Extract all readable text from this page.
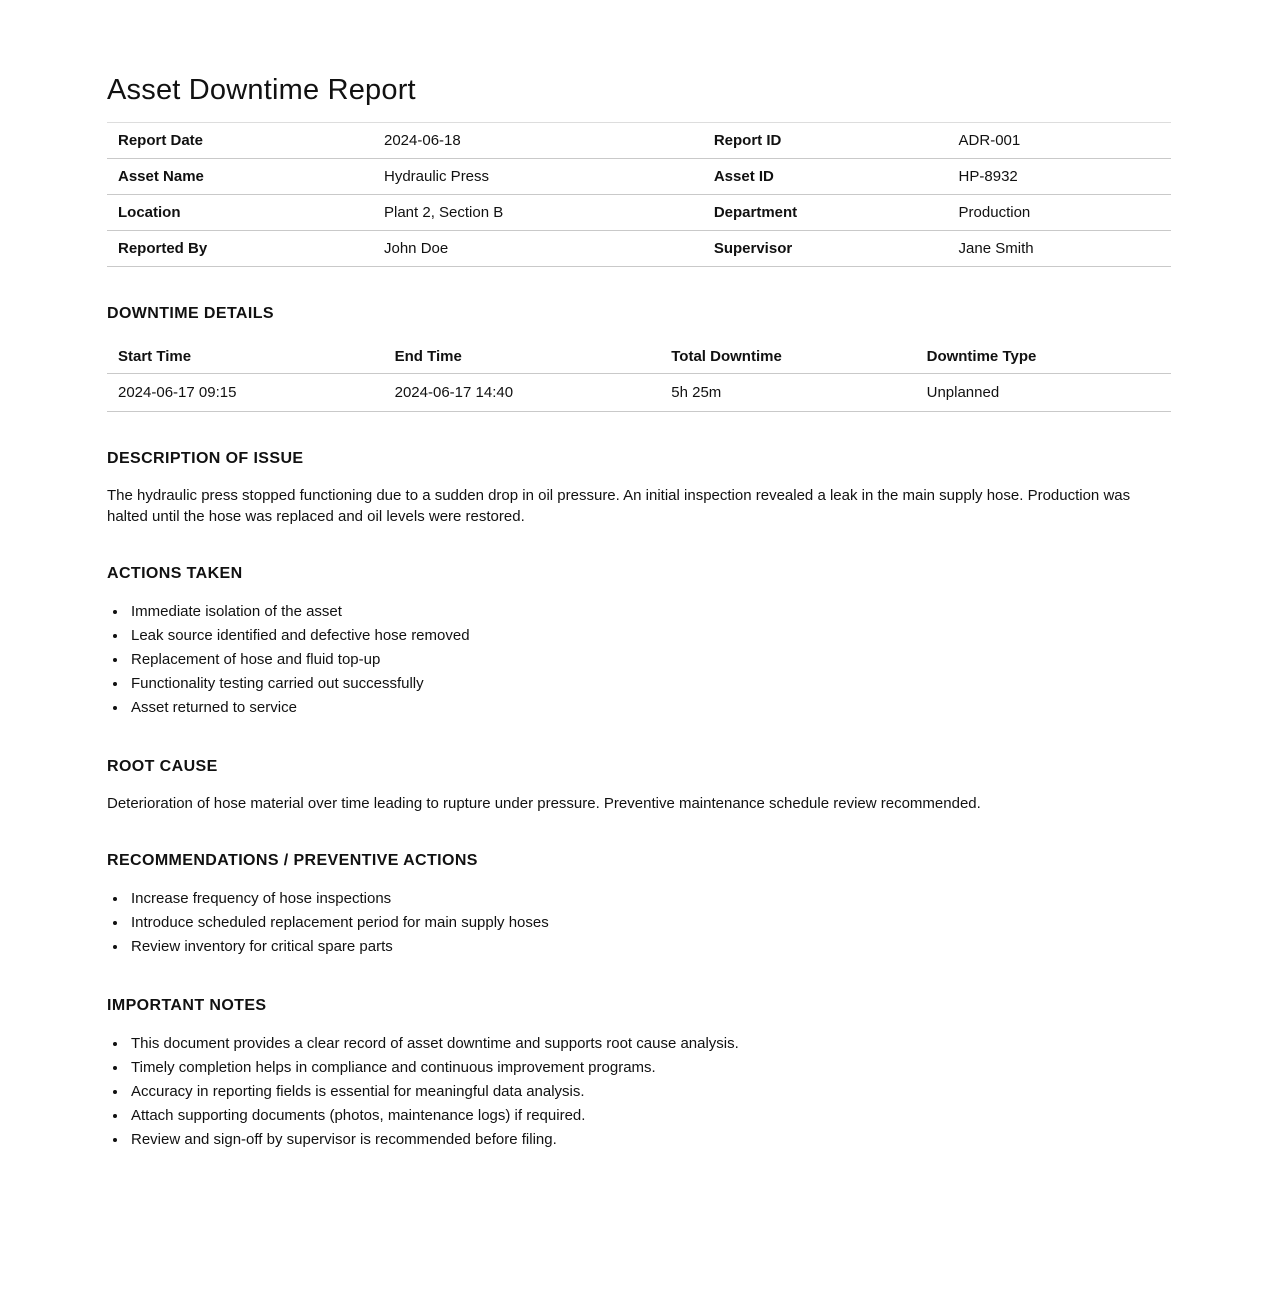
Asset Downtime Report
Report Date	2024-06-18	Report ID	ADR-001
Asset Name	Hydraulic Press	Asset ID	HP-8932
Location	Plant 2, Section B	Department	Production
Reported By	John Doe	Supervisor	Jane Smith
DOWNTIME DETAILS
Start Time	End Time	Total Downtime	Downtime Type
2024-06-17 09:15	2024-06-17 14:40	5h 25m	Unplanned
DESCRIPTION OF ISSUE

The hydraulic press stopped functioning due to a sudden drop in oil pressure. An initial inspection revealed a leak in the main supply hose. Production was halted until the hose was replaced and oil levels were restored.

ACTIONS TAKEN
• Immediate isolation of the asset
• Leak source identified and defective hose removed
• Replacement of hose and fluid top-up
• Functionality testing carried out successfully
• Asset returned to service
ROOT CAUSE

Deterioration of hose material over time leading to rupture under pressure. Preventive maintenance schedule review recommended.

RECOMMENDATIONS / PREVENTIVE ACTIONS
• Increase frequency of hose inspections
• Introduce scheduled replacement period for main supply hoses
• Review inventory for critical spare parts
IMPORTANT NOTES
• This document provides a clear record of asset downtime and supports root cause analysis.
• Timely completion helps in compliance and continuous improvement programs.
• Accuracy in reporting fields is essential for meaningful data analysis.
• Attach supporting documents (photos, maintenance logs) if required.
• Review and sign-off by supervisor is recommended before filing.
